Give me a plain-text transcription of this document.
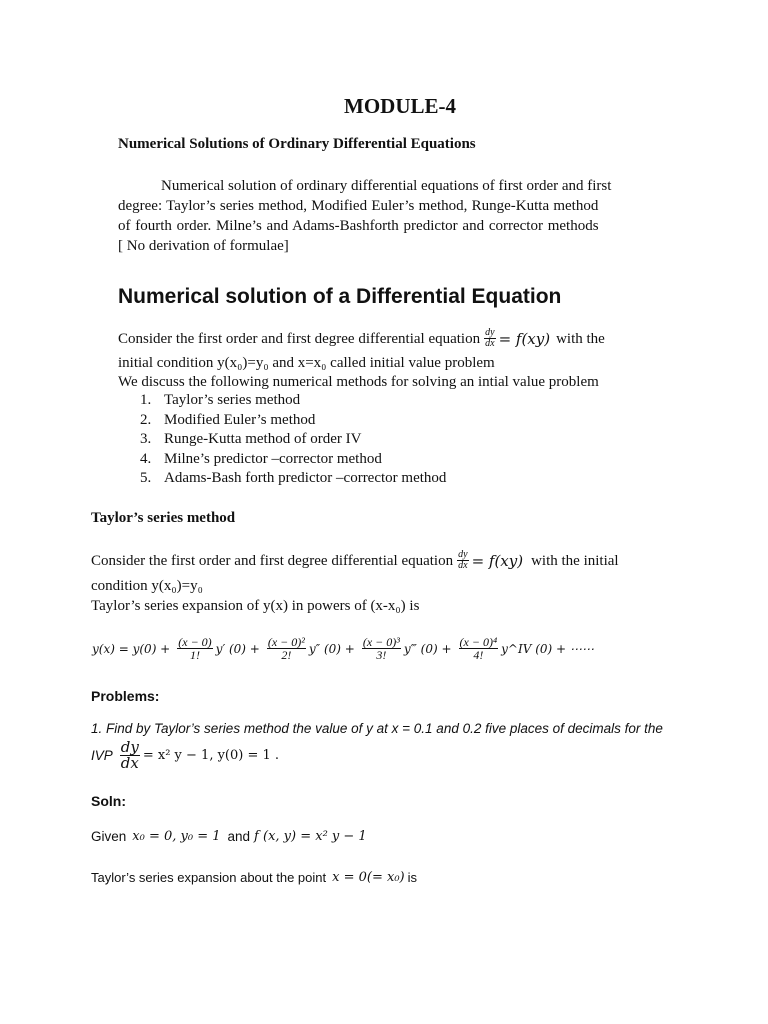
MODULE-4
Numerical Solutions of Ordinary Differential Equations
Numerical solution of ordinary differential equations of first order and first
degree: Taylor’s series method, Modified Euler’s method, Runge-Kutta method
of fourth order. Milne’s and Adams-Bashforth predictor and corrector methods
[ No derivation of formulae]
Numerical solution of a Differential Equation
Consider the first order and first degree differential equation $\frac{dy}{dx} = f(xy)$ with the
initial condition y(x₀)=y₀ and x=x₀ called initial value problem
We discuss the following numerical methods for solving an intial value problem
1. Taylor’s series method
2. Modified Euler’s method
3. Runge-Kutta method of order IV
4. Milne’s predictor –corrector method
5. Adams-Bash forth predictor –corrector method
Taylor’s series method
Consider the first order and first degree differential equation $\frac{dy}{dx} = f(xy)$ with the initial
condition y(x₀)=y₀
Taylor’s series expansion of y(x) in powers of (x-x₀) is
$y(x) = y(0) + \frac{(x - 0)}{1!} y'$ $(0) + \frac{\text{(x − 0)²}}{2!} y''$ $(0) + \frac{\text{(x − 0)³}}{3!}$ y‴ $(0) + \frac{\text{(x − 0)⁴}}{4!}$ y^IV (0) + ⋯⋯
Problems:
1. Find by Taylor’s series method the value of y at x = 0.1 and 0.2 five places of decimals for the
IVP $\frac{dy}{dx} = x^2$ y − 1, y(0) = 1 .
Soln:
Given x₀ = 0, y₀ = 1 and f (x, y) = x² y − 1
Taylor’s series expansion about the point x = 0(= x₀) is
